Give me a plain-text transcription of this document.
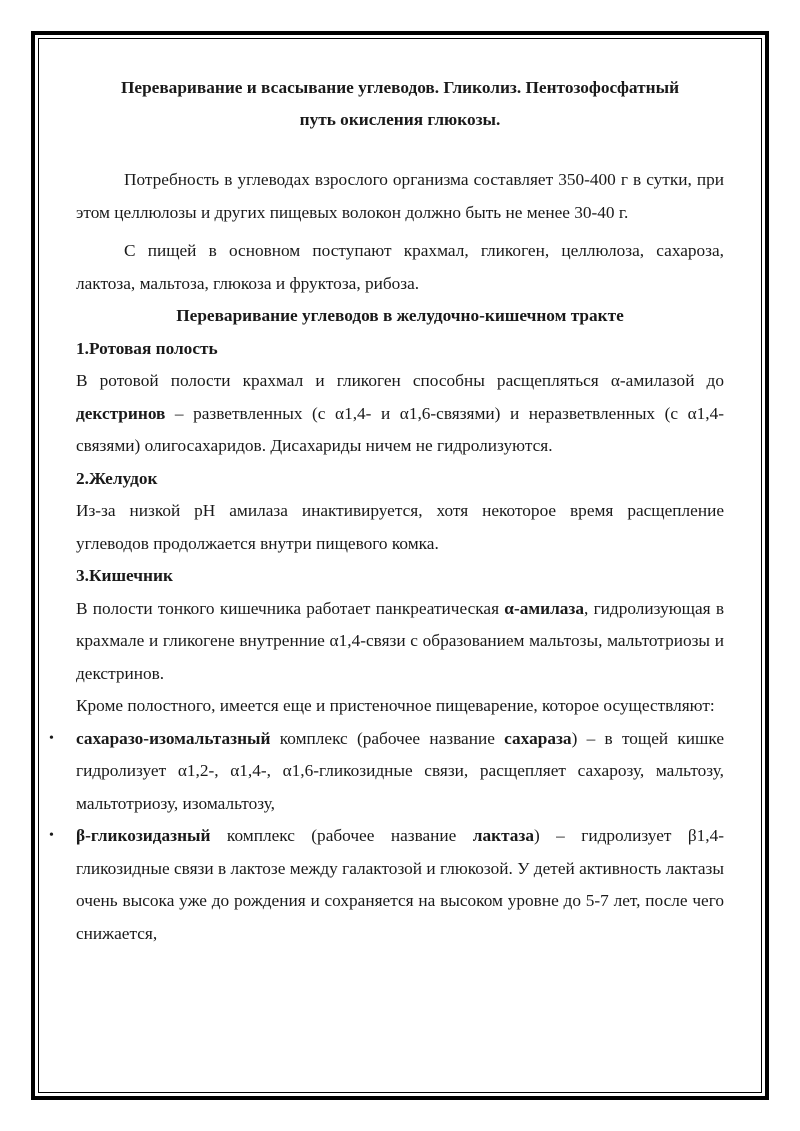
Переваривание и всасывание углеводов. Гликолиз. Пентозофосфатный
путь окисления глюкозы.

Потребность в углеводах взрослого организма составляет 350-400 г в сутки, при этом целлюлозы и других пищевых волокон должно быть не менее 30-40 г.

С пищей в основном поступают крахмал, гликоген, целлюлоза, сахароза, лактоза, мальтоза, глюкоза и фруктоза, рибоза.

Переваривание углеводов в желудочно-кишечном тракте

1.Ротовая полость

В ротовой полости крахмал и гликоген способны расщепляться α-амилазой до декстринов – разветвленных (с α1,4- и α1,6-связями) и неразветвленных (с α1,4-связями) олигосахаридов. Дисахариды ничем не гидролизуются.

2.Желудок

Из-за низкой pH амилаза инактивируется, хотя некоторое время расщепление углеводов продолжается внутри пищевого комка.

3.Кишечник

В полости тонкого кишечника работает панкреатическая α-амилаза, гидролизующая в крахмале и гликогене внутренние α1,4-связи с образованием мальтозы, мальтотриозы и декстринов.

Кроме полостного, имеется еще и пристеночное пищеварение, которое осуществляют:

• сахаразо-изомальтазный комплекс (рабочее название сахараза) – в тощей кишке гидролизует α1,2-, α1,4-, α1,6-гликозидные связи, расщепляет сахарозу, мальтозу, мальтотриозу, изомальтозу,
• β-гликозидазный комплекс (рабочее название лактаза) – гидролизует β1,4-гликозидные связи в лактозе между галактозой и глюкозой. У детей активность лактазы очень высока уже до рождения и сохраняется на высоком уровне до 5-7 лет, после чего снижается,
